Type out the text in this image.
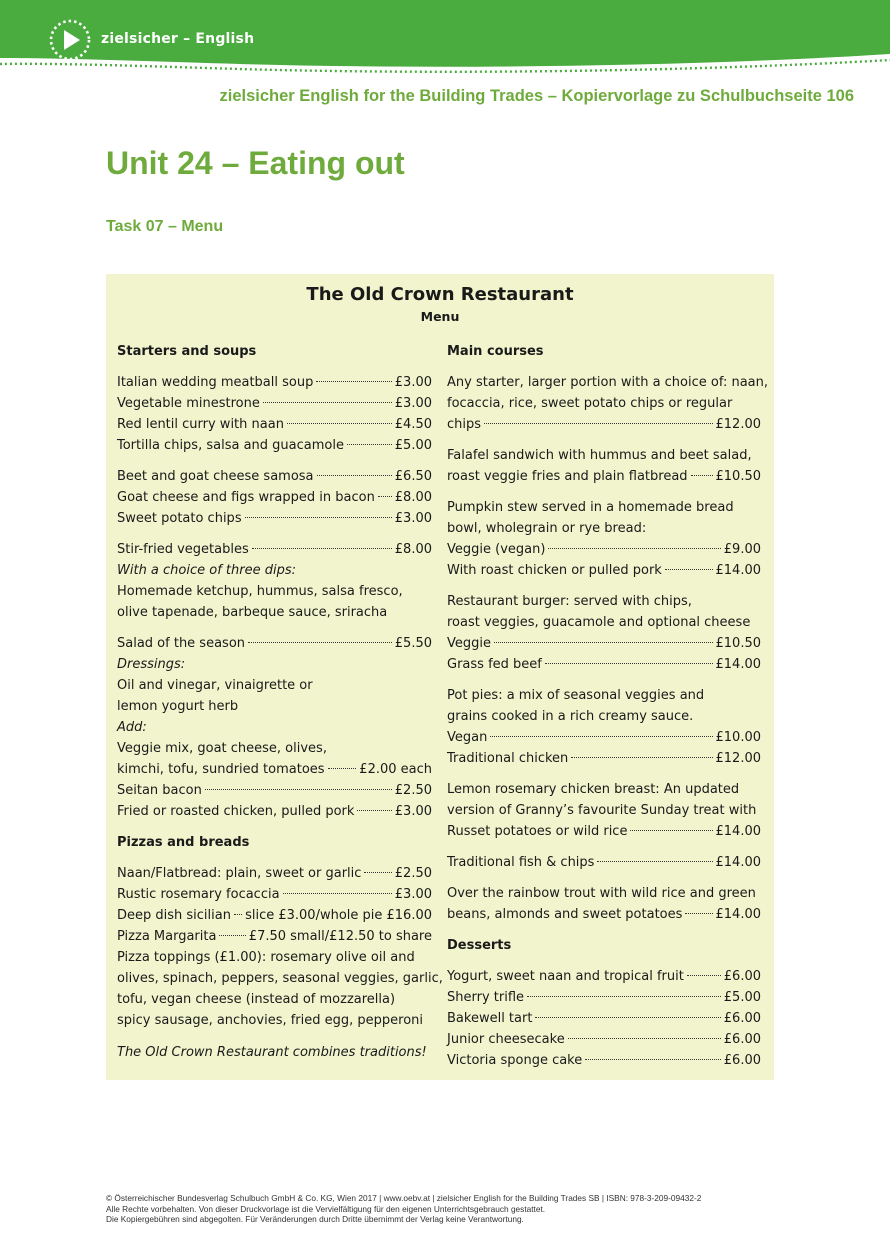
zielsicher – English
zielsicher English for the Building Trades – Kopiervorlage zu Schulbuchseite 106
Unit 24 – Eating out
Task 07 – Menu
The Old Crown Restaurant
Menu
Starters and soups
Italian wedding meatball soup	£3.00
Vegetable minestrone	£3.00
Red lentil curry with naan	£4.50
Tortilla chips, salsa and guacamole	£5.00
Beet and goat cheese samosa	£6.50
Goat cheese and figs wrapped in bacon £8.00
Sweet potato chips	£3.00
Stir-fried vegetables	£8.00
With a choice of three dips:
Homemade ketchup, hummus, salsa fresco,
olive tapenade, barbeque sauce, sriracha
Salad of the season	£5.50
Dressings:
Oil and vinegar, vinaigrette or
lemon yogurt herb
Add:
Veggie mix, goat cheese, olives,
kimchi, tofu, sundried tomatoes	£2.00 each
Seitan bacon	£2.50
Fried or roasted chicken, pulled pork	£3.00
Pizzas and breads
Naan/Flatbread: plain, sweet or garlic	£2.50
Rustic rosemary focaccia	£3.00
Deep dish sicilian slice £3.00/whole pie £16.00
Pizza Margarita £7.50 small/£12.50 to share
Pizza toppings (£1.00): rosemary olive oil and
olives, spinach, peppers, seasonal veggies, garlic,
tofu, vegan cheese (instead of mozzarella)
spicy sausage, anchovies, fried egg, pepperoni
The Old Crown Restaurant combines traditions!
Main courses
Any starter, larger portion with a choice of: naan,
focaccia, rice, sweet potato chips or regular
chips	£12.00
Falafel sandwich with hummus and beet salad,
roast veggie fries and plain flatbread £10.50
Pumpkin stew served in a homemade bread
bowl, wholegrain or rye bread:
Veggie (vegan)	£9.00
With roast chicken or pulled pork	£14.00
Restaurant burger: served with chips,
roast veggies, guacamole and optional cheese
Veggie	£10.50
Grass fed beef	£14.00
Pot pies: a mix of seasonal veggies and
grains cooked in a rich creamy sauce.
Vegan	£10.00
Traditional chicken	£12.00
Lemon rosemary chicken breast: An updated
version of Granny’s favourite Sunday treat with
Russet potatoes or wild rice	£14.00
Traditional fish & chips	£14.00
Over the rainbow trout with wild rice and green
beans, almonds and sweet potatoes	£14.00
Desserts
Yogurt, sweet naan and tropical fruit	£6.00
Sherry trifle	£5.00
Bakewell tart	£6.00
Junior cheesecake	£6.00
Victoria sponge cake	£6.00
© Österreichischer Bundesverlag Schulbuch GmbH & Co. KG, Wien 2017 | www.oebv.at | zielsicher English for the Building Trades SB | ISBN: 978-3-209-09432-2
Alle Rechte vorbehalten. Von dieser Druckvorlage ist die Vervielfältigung für den eigenen Unterrichtsgebrauch gestattet.
Die Kopiergebühren sind abgegolten. Für Veränderungen durch Dritte übernimmt der Verlag keine Verantwortung.
